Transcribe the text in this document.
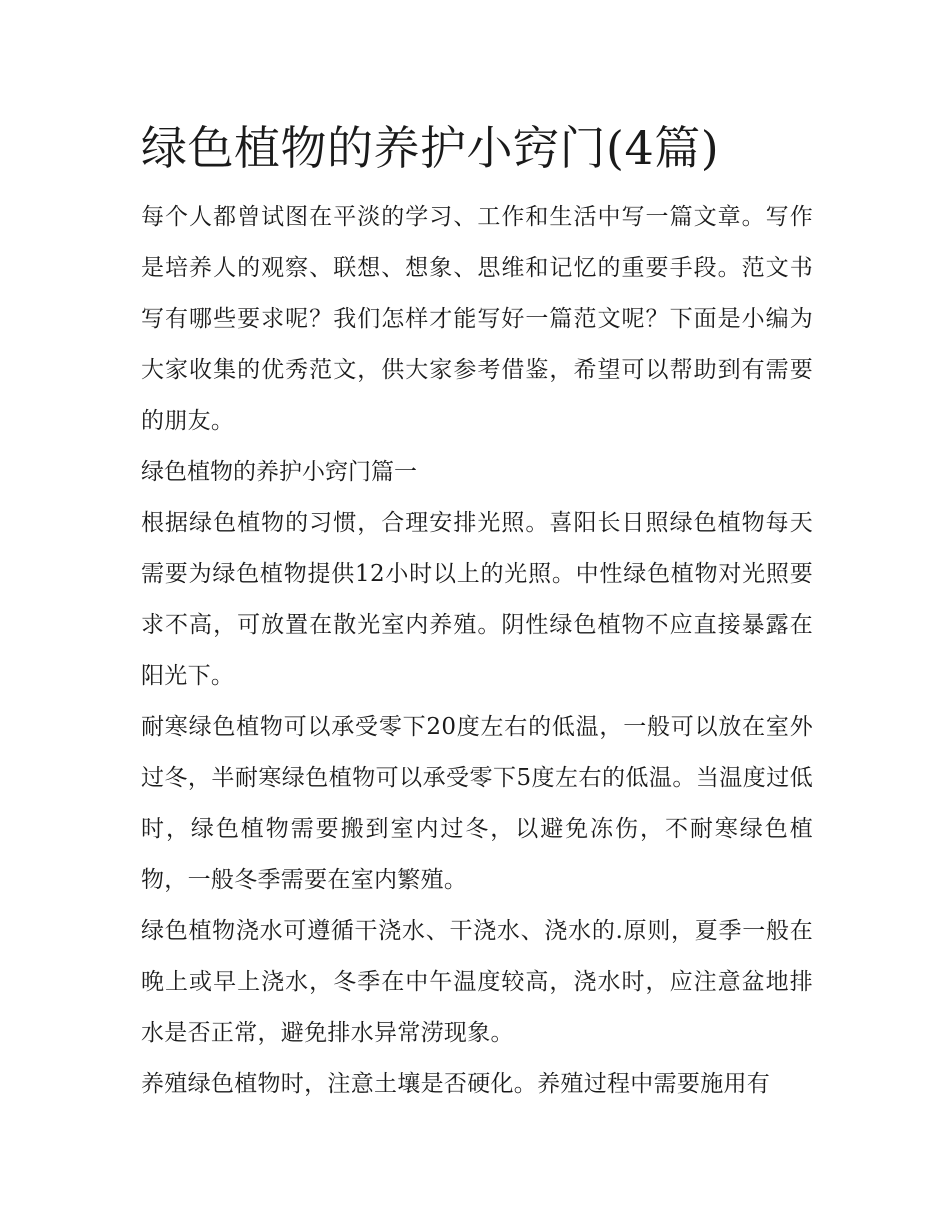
绿色植物的养护小窍门(4篇)

每个人都曾试图在平淡的学习、工作和生活中写一篇文章。写作是培养人的观察、联想、想象、思维和记忆的重要手段。范文书写有哪些要求呢？我们怎样才能写好一篇范文呢？下面是小编为大家收集的优秀范文，供大家参考借鉴，希望可以帮助到有需要的朋友。

绿色植物的养护小窍门篇一

根据绿色植物的习惯，合理安排光照。喜阳长日照绿色植物每天需要为绿色植物提供12小时以上的光照。中性绿色植物对光照要求不高，可放置在散光室内养殖。阴性绿色植物不应直接暴露在阳光下。

耐寒绿色植物可以承受零下20度左右的低温，一般可以放在室外过冬，半耐寒绿色植物可以承受零下5度左右的低温。当温度过低时，绿色植物需要搬到室内过冬，以避免冻伤，不耐寒绿色植物，一般冬季需要在室内繁殖。

绿色植物浇水可遵循干浇水、干浇水、浇水的.原则，夏季一般在晚上或早上浇水，冬季在中午温度较高，浇水时，应注意盆地排水是否正常，避免排水异常涝现象。

养殖绿色植物时，注意土壤是否硬化。养殖过程中需要施用有
